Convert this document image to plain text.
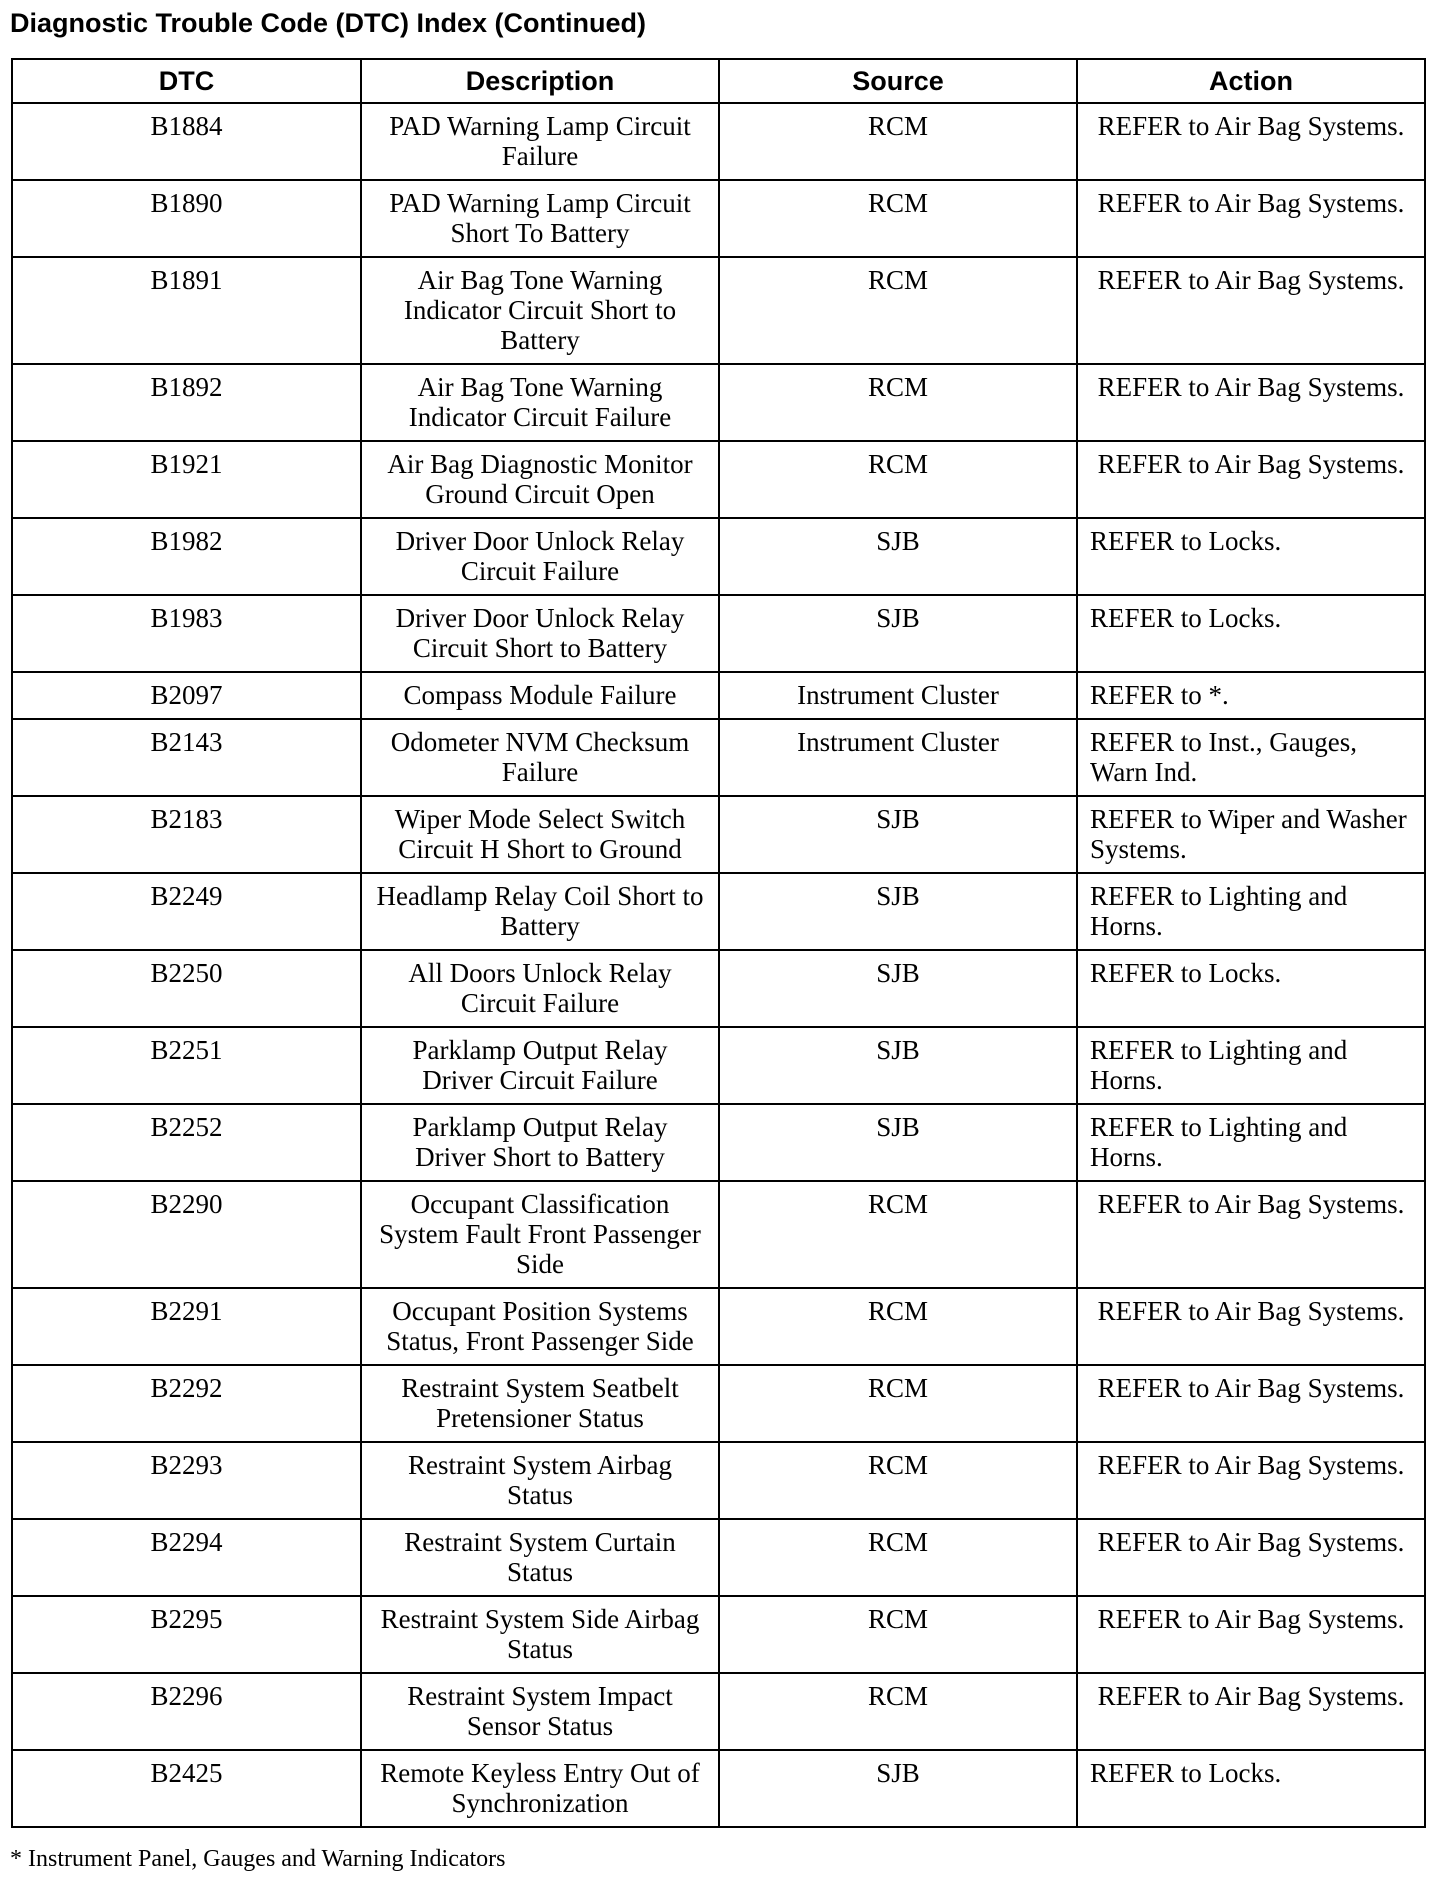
Diagnostic Trouble Code (DTC) Index (Continued)
DTC	Description	Source	Action
B1884	PAD Warning Lamp Circuit Failure	RCM	REFER to Air Bag Systems.
B1890	PAD Warning Lamp Circuit Short To Battery	RCM	REFER to Air Bag Systems.
B1891	Air Bag Tone Warning Indicator Circuit Short to Battery	RCM	REFER to Air Bag Systems.
B1892	Air Bag Tone Warning Indicator Circuit Failure	RCM	REFER to Air Bag Systems.
B1921	Air Bag Diagnostic Monitor Ground Circuit Open	RCM	REFER to Air Bag Systems.
B1982	Driver Door Unlock Relay Circuit Failure	SJB	REFER to Locks.
B1983	Driver Door Unlock Relay Circuit Short to Battery	SJB	REFER to Locks.
B2097	Compass Module Failure	Instrument Cluster	REFER to *.
B2143	Odometer NVM Checksum Failure	Instrument Cluster	REFER to Inst., Gauges, Warn Ind.
B2183	Wiper Mode Select Switch Circuit H Short to Ground	SJB	REFER to Wiper and Washer Systems.
B2249	Headlamp Relay Coil Short to Battery	SJB	REFER to Lighting and Horns.
B2250	All Doors Unlock Relay Circuit Failure	SJB	REFER to Locks.
B2251	Parklamp Output Relay Driver Circuit Failure	SJB	REFER to Lighting and Horns.
B2252	Parklamp Output Relay Driver Short to Battery	SJB	REFER to Lighting and Horns.
B2290	Occupant Classification System Fault Front Passenger Side	RCM	REFER to Air Bag Systems.
B2291	Occupant Position Systems Status, Front Passenger Side	RCM	REFER to Air Bag Systems.
B2292	Restraint System Seatbelt Pretensioner Status	RCM	REFER to Air Bag Systems.
B2293	Restraint System Airbag Status	RCM	REFER to Air Bag Systems.
B2294	Restraint System Curtain Status	RCM	REFER to Air Bag Systems.
B2295	Restraint System Side Airbag Status	RCM	REFER to Air Bag Systems.
B2296	Restraint System Impact Sensor Status	RCM	REFER to Air Bag Systems.
B2425	Remote Keyless Entry Out of Synchronization	SJB	REFER to Locks.
* Instrument Panel, Gauges and Warning Indicators
